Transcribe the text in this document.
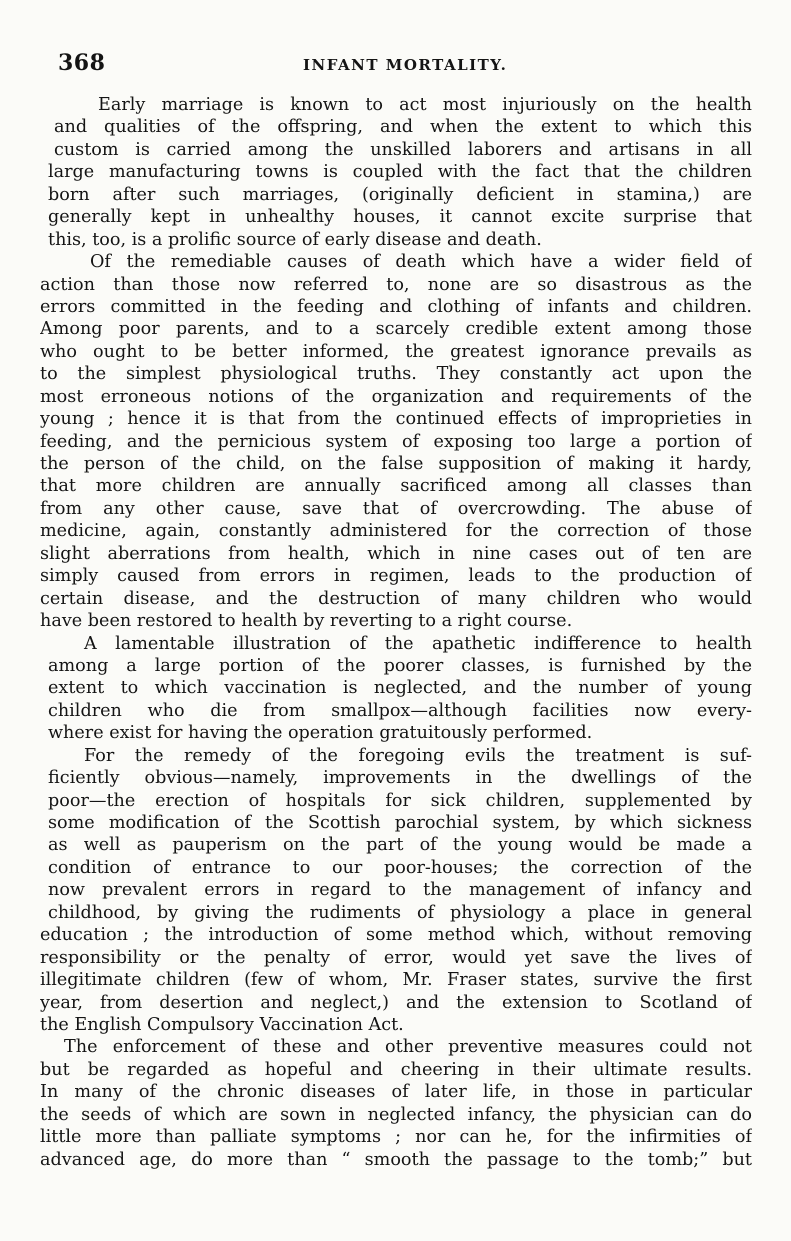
368	INFANT MORTALITY.
Early marriage is known to act most injuriously on the health
and qualities of the offspring, and when the extent to which this
custom is carried among the unskilled laborers and artisans in all
large manufacturing towns is coupled with the fact that the children
born after such marriages, (originally deficient in stamina,) are
generally kept in unhealthy houses, it cannot excite surprise that
this, too, is a prolific source of early disease and death.
Of the remediable causes of death which have a wider field of
action than those now referred to, none are so disastrous as the
errors committed in the feeding and clothing of infants and children.
Among poor parents, and to a scarcely credible extent among those
who ought to be better informed, the greatest ignorance prevails as
to the simplest physiological truths. They constantly act upon the
most erroneous notions of the organization and requirements of the
young ; hence it is that from the continued effects of improprieties in
feeding, and the pernicious system of exposing too large a portion of
the person of the child, on the false supposition of making it hardy,
that more children are annually sacrificed among all classes than
from any other cause, save that of overcrowding. The abuse of
medicine, again, constantly administered for the correction of those
slight aberrations from health, which in nine cases out of ten are
simply caused from errors in regimen, leads to the production of
certain disease, and the destruction of many children who would
have been restored to health by reverting to a right course.
A lamentable illustration of the apathetic indifference to health
among a large portion of the poorer classes, is furnished by the
extent to which vaccination is neglected, and the number of young
children who die from smallpox—although facilities now every-
where exist for having the operation gratuitously performed.
For the remedy of the foregoing evils the treatment is suf-
ficiently obvious—namely, improvements in the dwellings of the
poor—the erection of hospitals for sick children, supplemented by
some modification of the Scottish parochial system, by which sickness
as well as pauperism on the part of the young would be made a
condition of entrance to our poor-houses; the correction of the
now prevalent errors in regard to the management of infancy and
childhood, by giving the rudiments of physiology a place in general
education ; the introduction of some method which, without removing
responsibility or the penalty of error, would yet save the lives of
illegitimate children (few of whom, Mr. Fraser states, survive the first
year, from desertion and neglect,) and the extension to Scotland of
the English Compulsory Vaccination Act.
The enforcement of these and other preventive measures could not
but be regarded as hopeful and cheering in their ultimate results.
In many of the chronic diseases of later life, in those in particular
the seeds of which are sown in neglected infancy, the physician can do
little more than palliate symptoms ; nor can he, for the infirmities of
advanced age, do more than “ smooth the passage to the tomb;” but
